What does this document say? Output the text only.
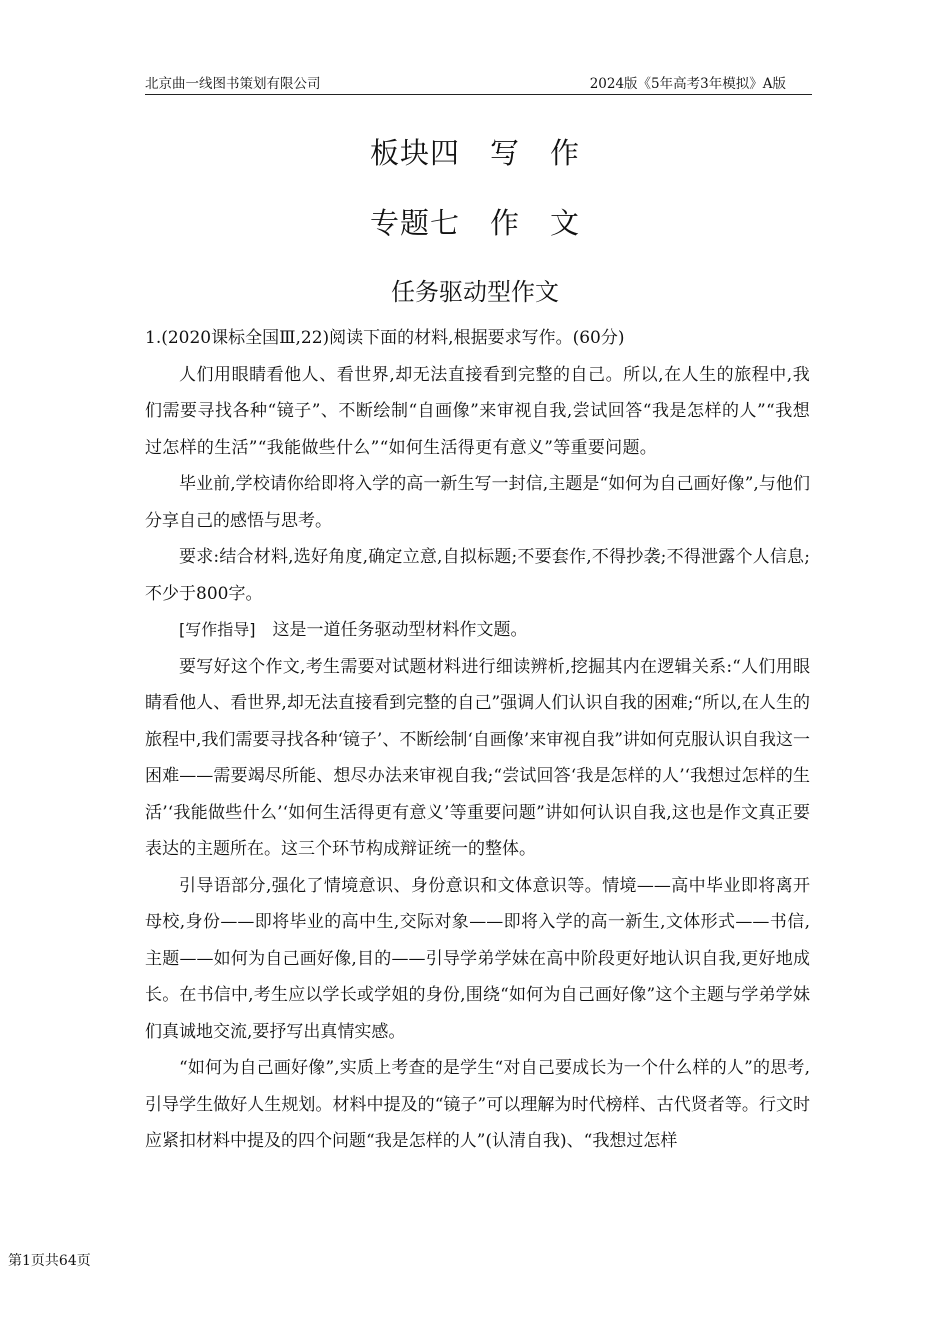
北京曲一线图书策划有限公司	2024版《5年高考3年模拟》A版
板块四　写　作
专题七　作　文
任务驱动型作文

1.(2020课标全国Ⅲ,22)阅读下面的材料,根据要求写作。(60分)

人们用眼睛看他人、看世界,却无法直接看到完整的自己。所以,在人生的旅程中,我们需要寻找各种“镜子”、不断绘制“自画像”来审视自我,尝试回答“我是怎样的人”“我想过怎样的生活”“我能做些什么”“如何生活得更有意义”等重要问题。

毕业前,学校请你给即将入学的高一新生写一封信,主题是“如何为自己画好像”,与他们分享自己的感悟与思考。

要求:结合材料,选好角度,确定立意,自拟标题;不要套作,不得抄袭;不得泄露个人信息;不少于800字。

[写作指导]　 这是一道任务驱动型材料作文题。

要写好这个作文,考生需要对试题材料进行细读辨析,挖掘其内在逻辑关系:“人们用眼睛看他人、看世界,却无法直接看到完整的自己”强调人们认识自我的困难;“所以,在人生的旅程中,我们需要寻找各种‘镜子’、不断绘制‘自画像’来审视自我”讲如何克服认识自我这一困难——需要竭尽所能、想尽办法来审视自我;“尝试回答‘我是怎样的人’‘我想过怎样的生活’‘我能做些什么’‘如何生活得更有意义’等重要问题”讲如何认识自我,这也是作文真正要表达的主题所在。这三个环节构成辩证统一的整体。

引导语部分,强化了情境意识、身份意识和文体意识等。情境——高中毕业即将离开母校,身份——即将毕业的高中生,交际对象——即将入学的高一新生,文体形式——书信,主题——如何为自己画好像,目的——引导学弟学妹在高中阶段更好地认识自我,更好地成长。在书信中,考生应以学长或学姐的身份,围绕“如何为自己画好像”这个主题与学弟学妹们真诚地交流,要抒写出真情实感。

“如何为自己画好像”,实质上考查的是学生“对自己要成长为一个什么样的人”的思考,引导学生做好人生规划。材料中提及的“镜子”可以理解为时代榜样、古代贤者等。行文时应紧扣材料中提及的四个问题“我是怎样的人”(认清自我)、“我想过怎样

第1页共64页
